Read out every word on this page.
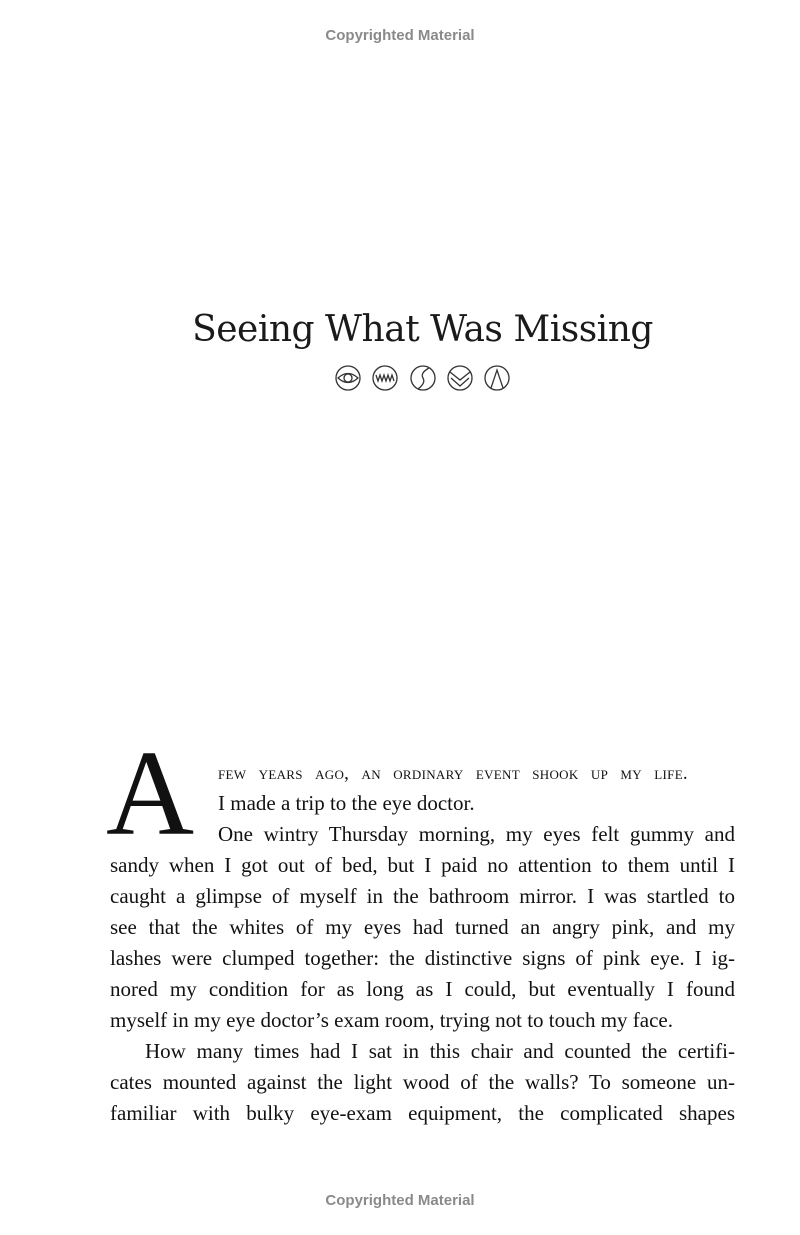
Copyrighted Material
Seeing What Was Missing
A few years ago, an ordinary event shook up my life.
I made a trip to the eye doctor.
One wintry Thursday morning, my eyes felt gummy and
sandy when I got out of bed, but I paid no attention to them until I
caught a glimpse of myself in the bathroom mirror. I was startled to
see that the whites of my eyes had turned an angry pink, and my
lashes were clumped together: the distinctive signs of pink eye. I ig-
nored my condition for as long as I could, but eventually I found
myself in my eye doctor’s exam room, trying not to touch my face.
How many times had I sat in this chair and counted the certifi-
cates mounted against the light wood of the walls? To someone un-
familiar with bulky eye-exam equipment, the complicated shapes
Copyrighted Material
